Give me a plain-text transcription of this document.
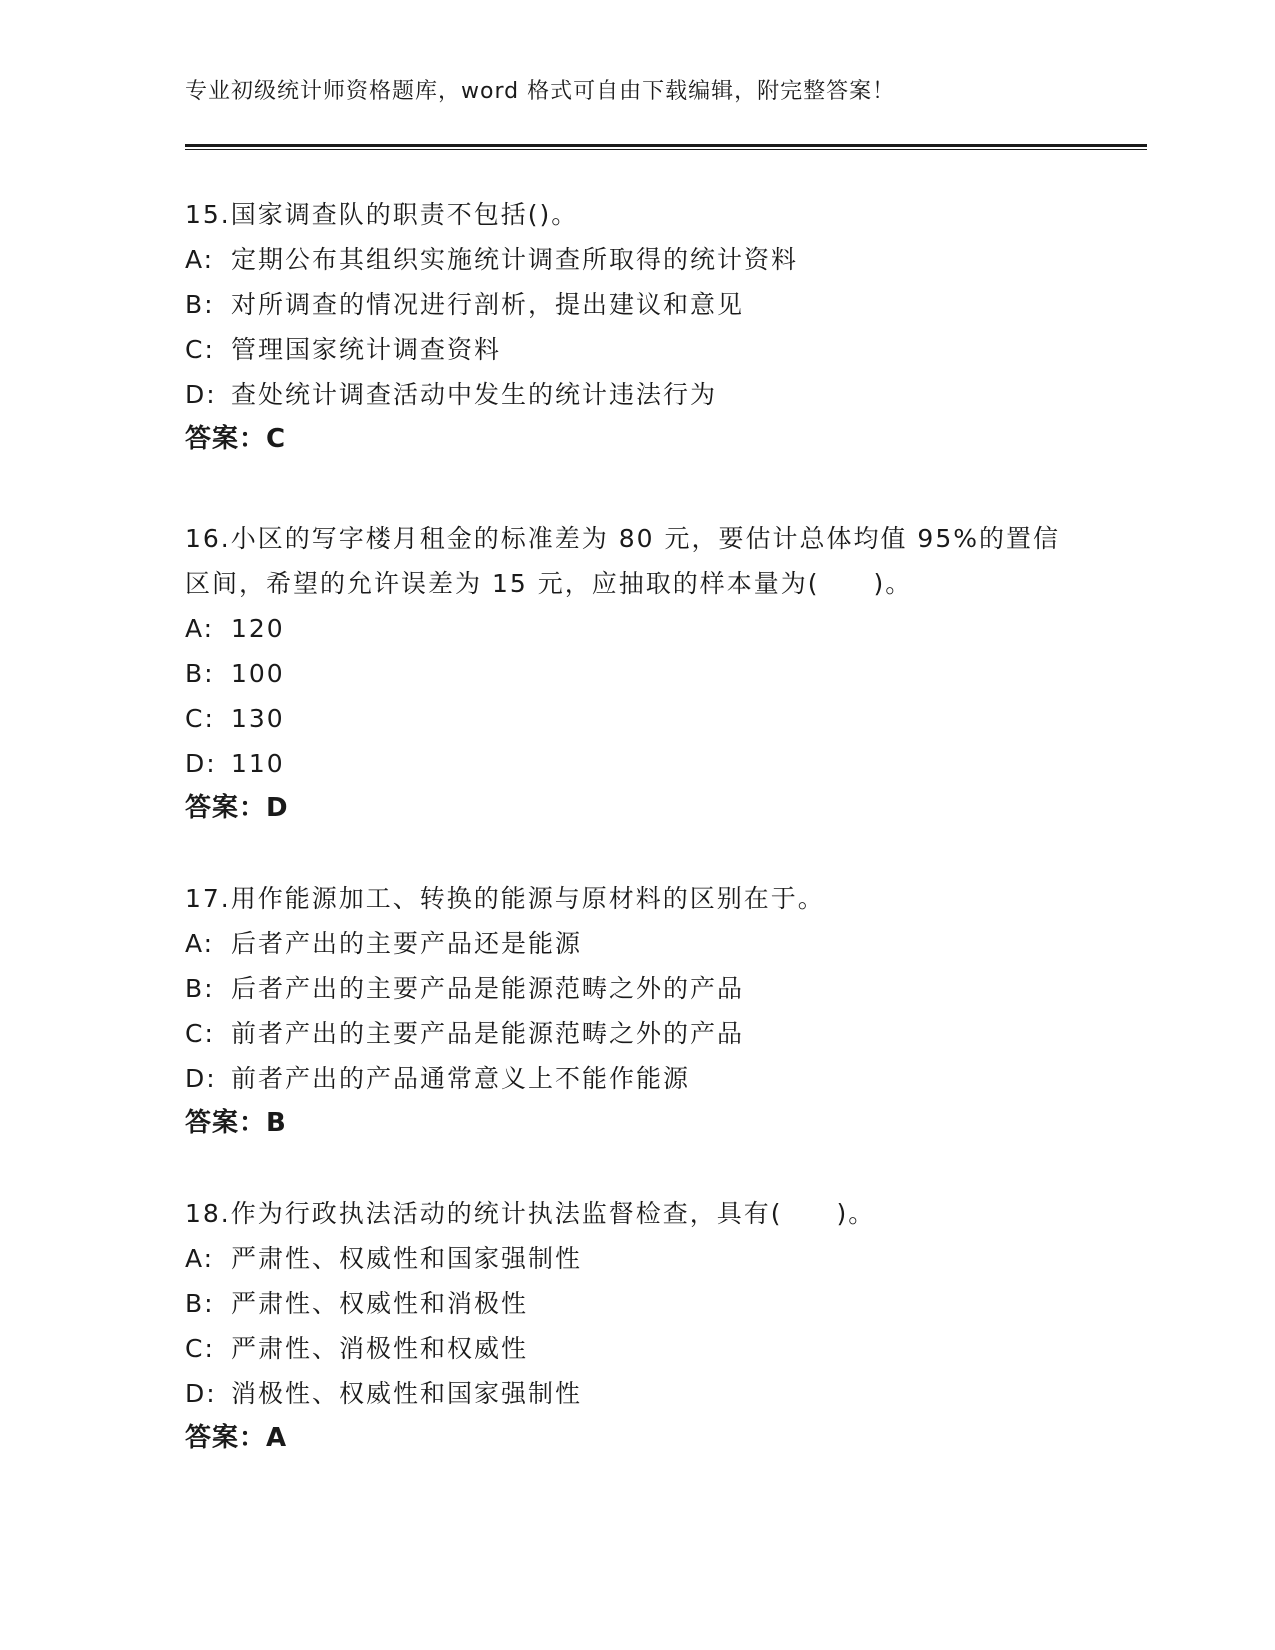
专业初级统计师资格题库，word 格式可自由下载编辑，附完整答案！
15.国家调查队的职责不包括()。
A: 定期公布其组织实施统计调查所取得的统计资料
B: 对所调查的情况进行剖析，提出建议和意见
C: 管理国家统计调查资料
D: 查处统计调查活动中发生的统计违法行为
答案：C
16.小区的写字楼月租金的标准差为 80 元，要估计总体均值 95%的置信
区间，希望的允许误差为 15 元，应抽取的样本量为(　　)。
A: 120
B: 100
C: 130
D: 110
答案：D
17.用作能源加工、转换的能源与原材料的区别在于。
A: 后者产出的主要产品还是能源
B: 后者产出的主要产品是能源范畴之外的产品
C: 前者产出的主要产品是能源范畴之外的产品
D: 前者产出的产品通常意义上不能作能源
答案：B
18.作为行政执法活动的统计执法监督检查，具有(　　)。
A: 严肃性、权威性和国家强制性
B: 严肃性、权威性和消极性
C: 严肃性、消极性和权威性
D: 消极性、权威性和国家强制性
答案：A
